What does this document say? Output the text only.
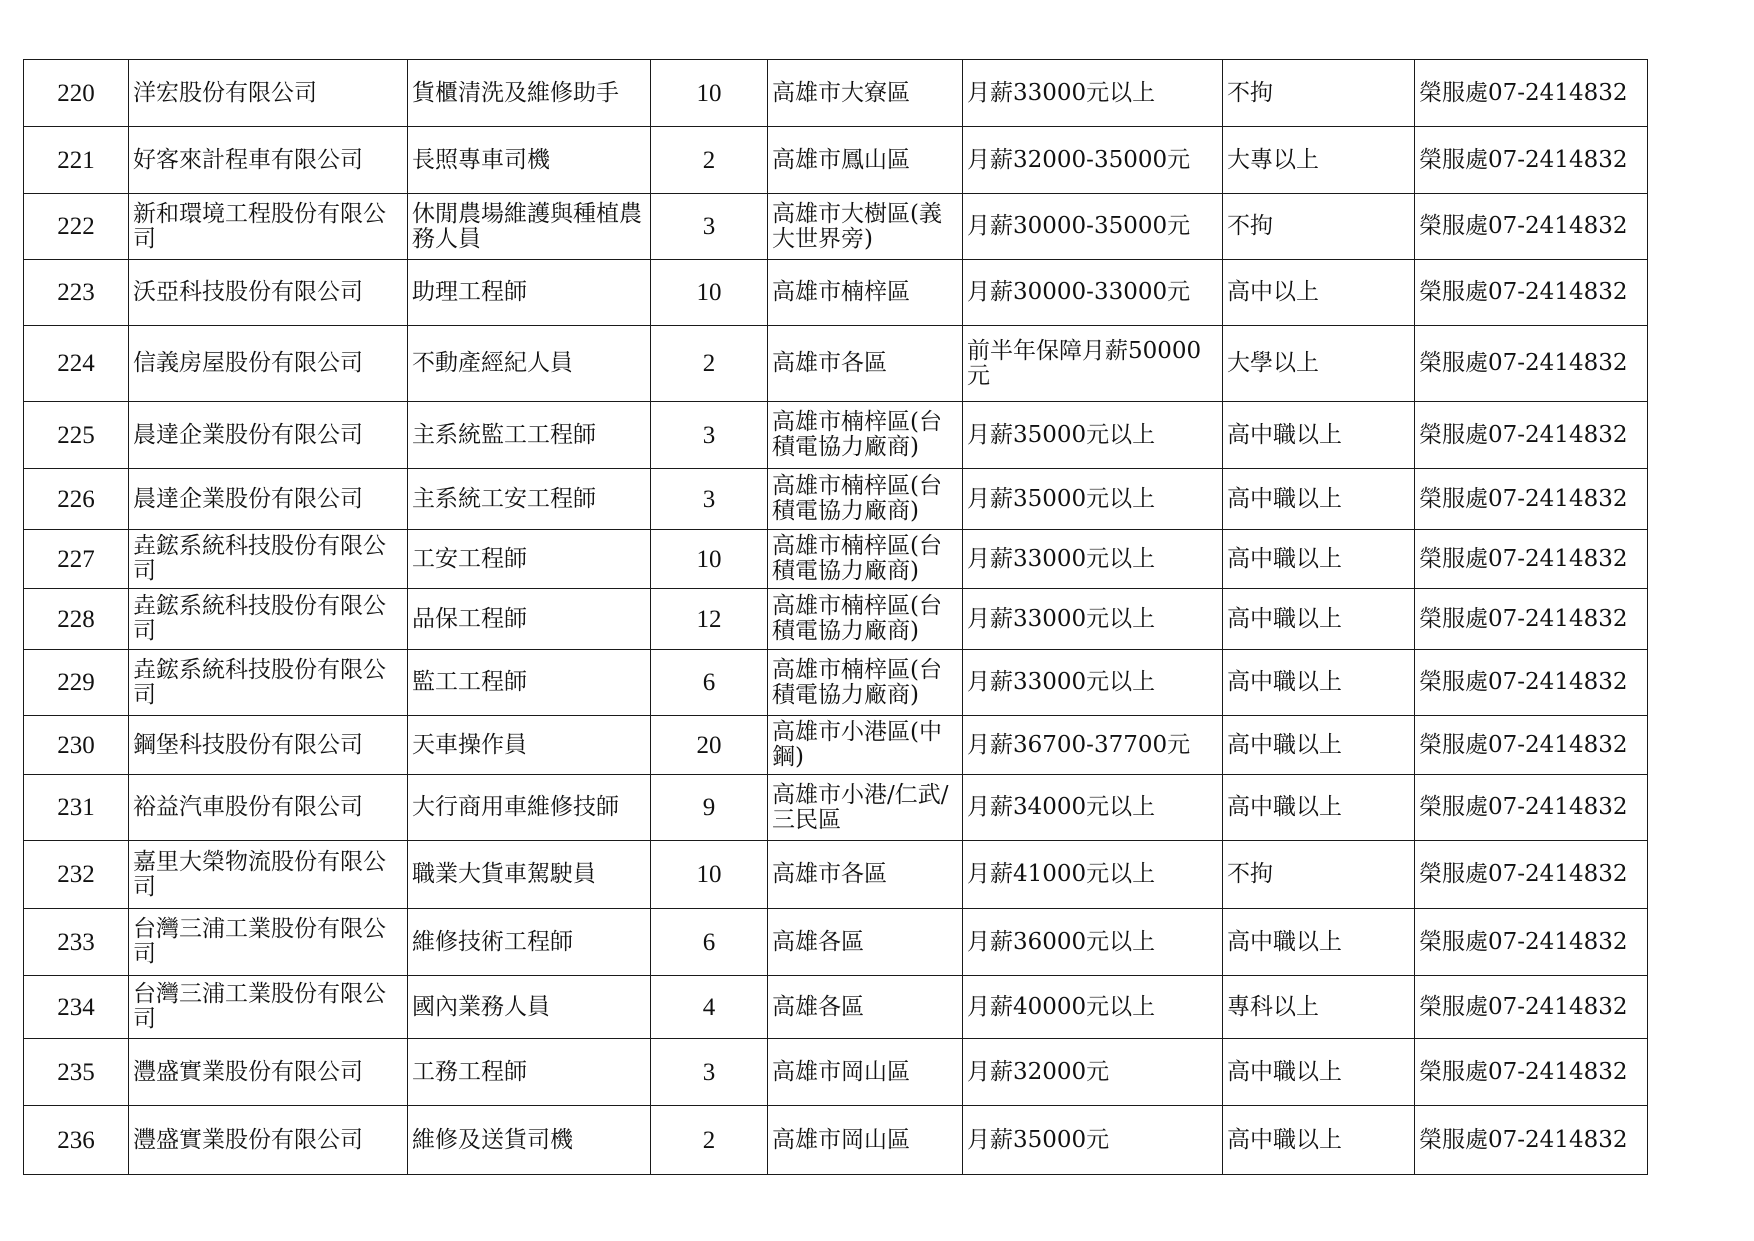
220	洋宏股份有限公司	貨櫃清洗及維修助手	10	高雄市大寮區	月薪33000元以上	不拘	榮服處07-2414832
221	好客來計程車有限公司	長照專車司機	2	高雄市鳳山區	月薪32000-35000元	大專以上	榮服處07-2414832
222	新和環境工程股份有限公司	休閒農場維護與種植農務人員	3	高雄市大樹區(義大世界旁)	月薪30000-35000元	不拘	榮服處07-2414832
223	沃亞科技股份有限公司	助理工程師	10	高雄市楠梓區	月薪30000-33000元	高中以上	榮服處07-2414832
224	信義房屋股份有限公司	不動產經紀人員	2	高雄市各區	前半年保障月薪50000元	大學以上	榮服處07-2414832
225	晨達企業股份有限公司	主系統監工工程師	3	高雄市楠梓區(台積電協力廠商)	月薪35000元以上	高中職以上	榮服處07-2414832
226	晨達企業股份有限公司	主系統工安工程師	3	高雄市楠梓區(台積電協力廠商)	月薪35000元以上	高中職以上	榮服處07-2414832
227	垚鋐系統科技股份有限公司	工安工程師	10	高雄市楠梓區(台積電協力廠商)	月薪33000元以上	高中職以上	榮服處07-2414832
228	垚鋐系統科技股份有限公司	品保工程師	12	高雄市楠梓區(台積電協力廠商)	月薪33000元以上	高中職以上	榮服處07-2414832
229	垚鋐系統科技股份有限公司	監工工程師	6	高雄市楠梓區(台積電協力廠商)	月薪33000元以上	高中職以上	榮服處07-2414832
230	鋼堡科技股份有限公司	天車操作員	20	高雄市小港區(中鋼)	月薪36700-37700元	高中職以上	榮服處07-2414832
231	裕益汽車股份有限公司	大行商用車維修技師	9	高雄市小港/仁武/三民區	月薪34000元以上	高中職以上	榮服處07-2414832
232	嘉里大榮物流股份有限公司	職業大貨車駕駛員	10	高雄市各區	月薪41000元以上	不拘	榮服處07-2414832
233	台灣三浦工業股份有限公司	維修技術工程師	6	高雄各區	月薪36000元以上	高中職以上	榮服處07-2414832
234	台灣三浦工業股份有限公司	國內業務人員	4	高雄各區	月薪40000元以上	專科以上	榮服處07-2414832
235	灃盛實業股份有限公司	工務工程師	3	高雄市岡山區	月薪32000元	高中職以上	榮服處07-2414832
236	灃盛實業股份有限公司	維修及送貨司機	2	高雄市岡山區	月薪35000元	高中職以上	榮服處07-2414832
